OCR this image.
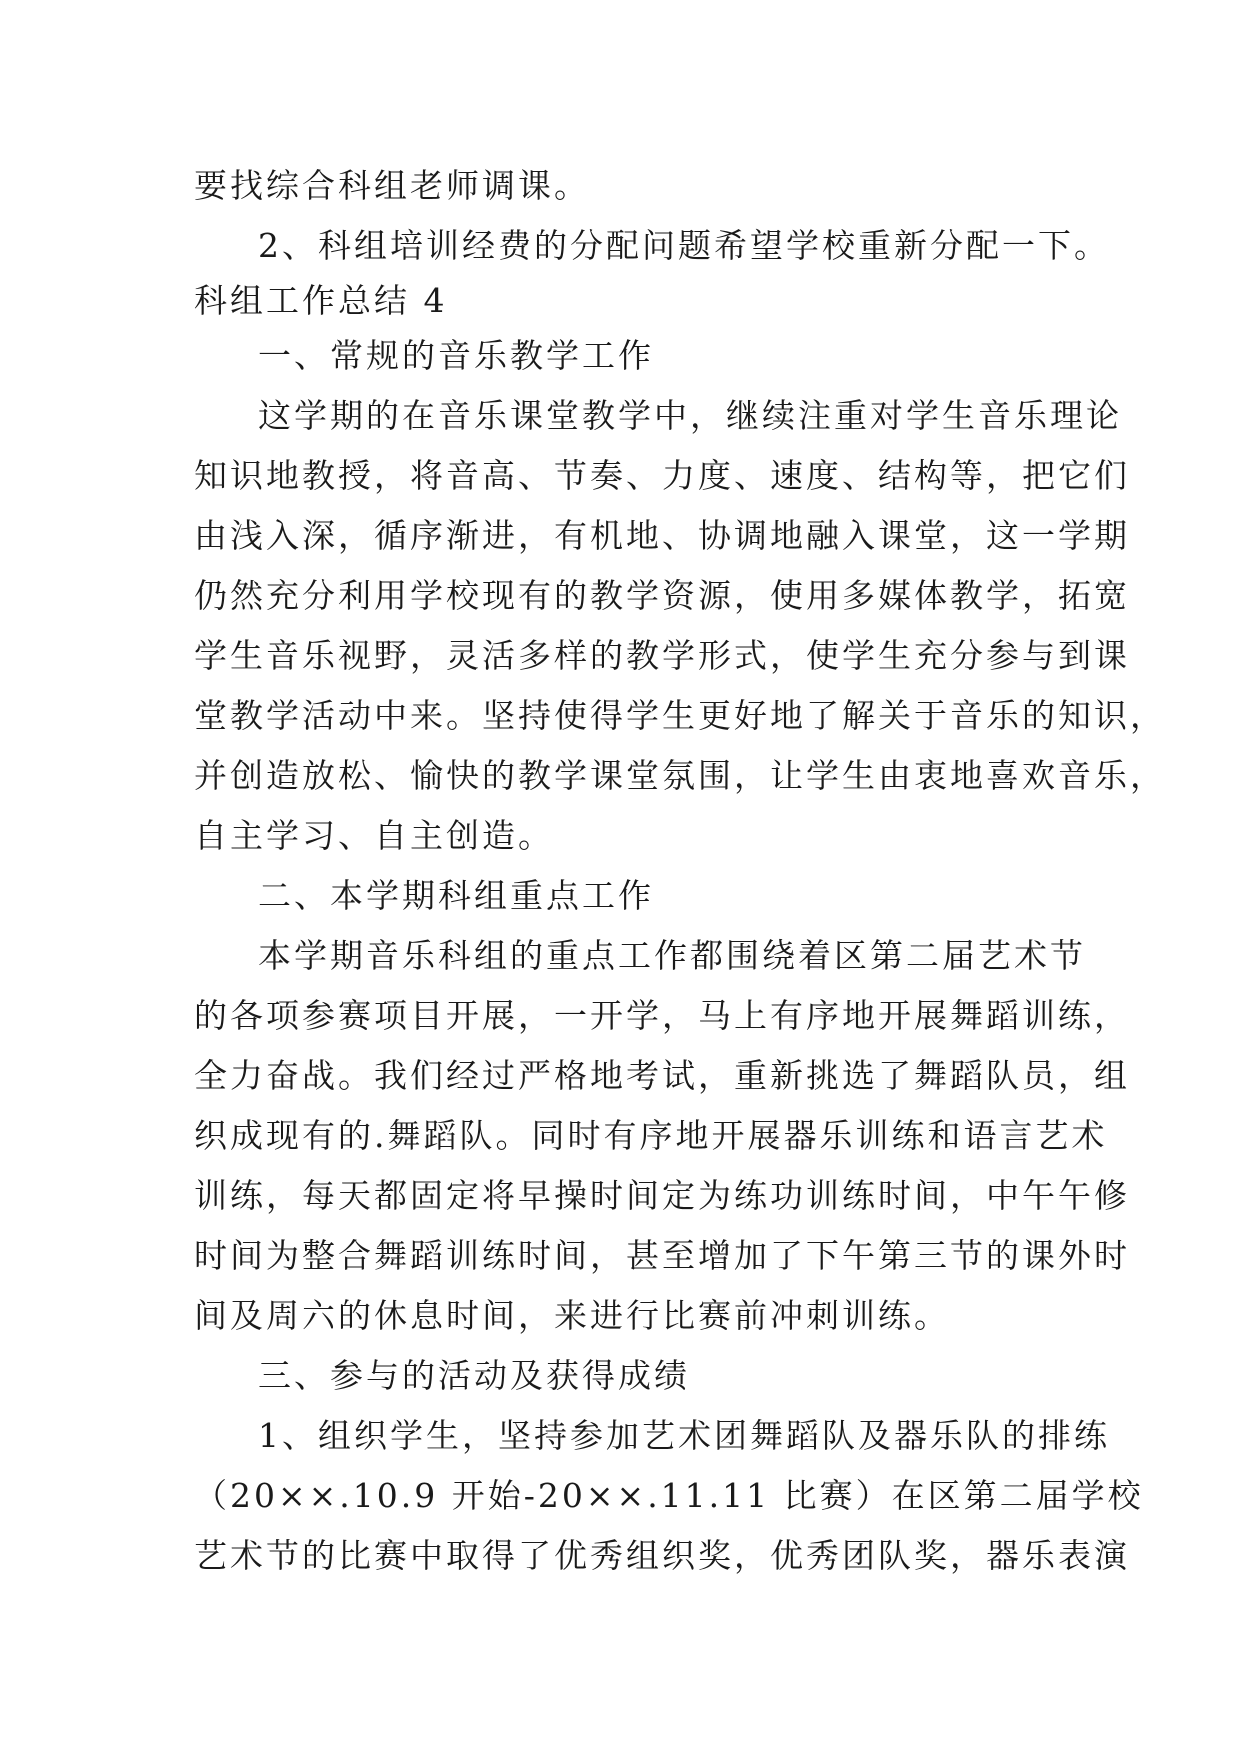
要找综合科组老师调课。
2、科组培训经费的分配问题希望学校重新分配一下。
科组工作总结 4
一、常规的音乐教学工作
这学期的在音乐课堂教学中，继续注重对学生音乐理论
知识地教授，将音高、节奏、力度、速度、结构等，把它们
由浅入深，循序渐进，有机地、协调地融入课堂，这一学期
仍然充分利用学校现有的教学资源，使用多媒体教学，拓宽
学生音乐视野，灵活多样的教学形式，使学生充分参与到课
堂教学活动中来。坚持使得学生更好地了解关于音乐的知识，
并创造放松、愉快的教学课堂氛围，让学生由衷地喜欢音乐，
自主学习、自主创造。
二、本学期科组重点工作
本学期音乐科组的重点工作都围绕着区第二届艺术节
的各项参赛项目开展，一开学，马上有序地开展舞蹈训练，
全力奋战。我们经过严格地考试，重新挑选了舞蹈队员，组
织成现有的.舞蹈队。同时有序地开展器乐训练和语言艺术
训练，每天都固定将早操时间定为练功训练时间，中午午修
时间为整合舞蹈训练时间，甚至增加了下午第三节的课外时
间及周六的休息时间，来进行比赛前冲刺训练。
三、参与的活动及获得成绩
1、组织学生，坚持参加艺术团舞蹈队及器乐队的排练
（20××.10.9 开始-20××.11.11 比赛）在区第二届学校
艺术节的比赛中取得了优秀组织奖，优秀团队奖，器乐表演
